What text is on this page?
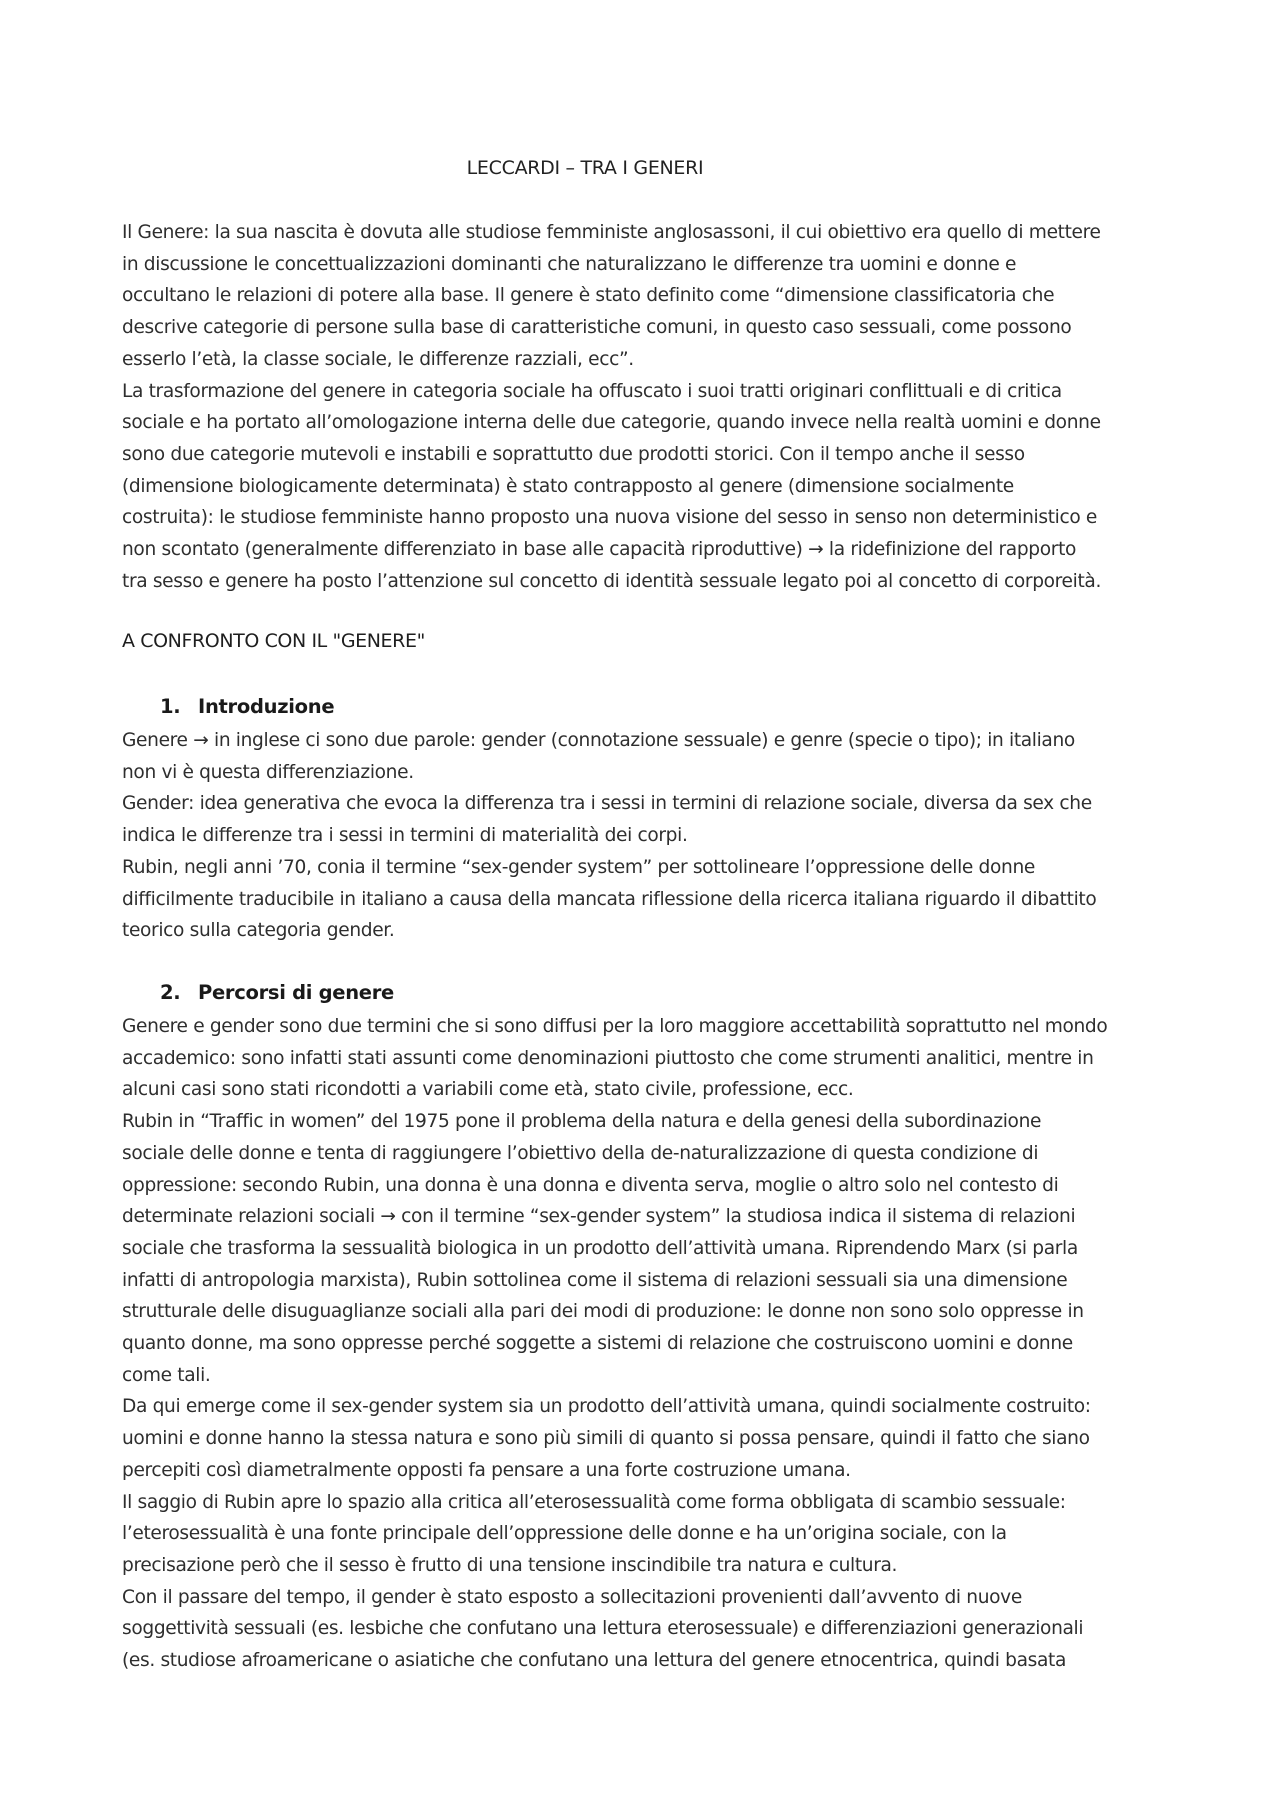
LECCARDI – TRA I GENERI
Il Genere: la sua nascita è dovuta alle studiose femministe anglosassoni, il cui obiettivo era quello di mettere
in discussione le concettualizzazioni dominanti che naturalizzano le differenze tra uomini e donne e
occultano le relazioni di potere alla base. Il genere è stato definito come “dimensione classificatoria che
descrive categorie di persone sulla base di caratteristiche comuni, in questo caso sessuali, come possono
esserlo l’età, la classe sociale, le differenze razziali, ecc”.
La trasformazione del genere in categoria sociale ha offuscato i suoi tratti originari conflittuali e di critica
sociale e ha portato all’omologazione interna delle due categorie, quando invece nella realtà uomini e donne
sono due categorie mutevoli e instabili e soprattutto due prodotti storici. Con il tempo anche il sesso
(dimensione biologicamente determinata) è stato contrapposto al genere (dimensione socialmente
costruita): le studiose femministe hanno proposto una nuova visione del sesso in senso non deterministico e
non scontato (generalmente differenziato in base alle capacità riproduttive) → la ridefinizione del rapporto
tra sesso e genere ha posto l’attenzione sul concetto di identità sessuale legato poi al concetto di corporeità.
A CONFRONTO CON IL "GENERE"
1. Introduzione
Genere → in inglese ci sono due parole: gender (connotazione sessuale) e genre (specie o tipo); in italiano
non vi è questa differenziazione.
Gender: idea generativa che evoca la differenza tra i sessi in termini di relazione sociale, diversa da sex che
indica le differenze tra i sessi in termini di materialità dei corpi.
Rubin, negli anni ’70, conia il termine “sex-gender system” per sottolineare l’oppressione delle donne
difficilmente traducibile in italiano a causa della mancata riflessione della ricerca italiana riguardo il dibattito
teorico sulla categoria gender.
2. Percorsi di genere
Genere e gender sono due termini che si sono diffusi per la loro maggiore accettabilità soprattutto nel mondo
accademico: sono infatti stati assunti come denominazioni piuttosto che come strumenti analitici, mentre in
alcuni casi sono stati ricondotti a variabili come età, stato civile, professione, ecc.
Rubin in “Traffic in women” del 1975 pone il problema della natura e della genesi della subordinazione
sociale delle donne e tenta di raggiungere l’obiettivo della de-naturalizzazione di questa condizione di
oppressione: secondo Rubin, una donna è una donna e diventa serva, moglie o altro solo nel contesto di
determinate relazioni sociali → con il termine “sex-gender system” la studiosa indica il sistema di relazioni
sociale che trasforma la sessualità biologica in un prodotto dell’attività umana. Riprendendo Marx (si parla
infatti di antropologia marxista), Rubin sottolinea come il sistema di relazioni sessuali sia una dimensione
strutturale delle disuguaglianze sociali alla pari dei modi di produzione: le donne non sono solo oppresse in
quanto donne, ma sono oppresse perché soggette a sistemi di relazione che costruiscono uomini e donne
come tali.
Da qui emerge come il sex-gender system sia un prodotto dell’attività umana, quindi socialmente costruito:
uomini e donne hanno la stessa natura e sono più simili di quanto si possa pensare, quindi il fatto che siano
percepiti così diametralmente opposti fa pensare a una forte costruzione umana.
Il saggio di Rubin apre lo spazio alla critica all’eterosessualità come forma obbligata di scambio sessuale:
l’eterosessualità è una fonte principale dell’oppressione delle donne e ha un’origina sociale, con la
precisazione però che il sesso è frutto di una tensione inscindibile tra natura e cultura.
Con il passare del tempo, il gender è stato esposto a sollecitazioni provenienti dall’avvento di nuove
soggettività sessuali (es. lesbiche che confutano una lettura eterosessuale) e differenziazioni generazionali
(es. studiose afroamericane o asiatiche che confutano una lettura del genere etnocentrica, quindi basata
